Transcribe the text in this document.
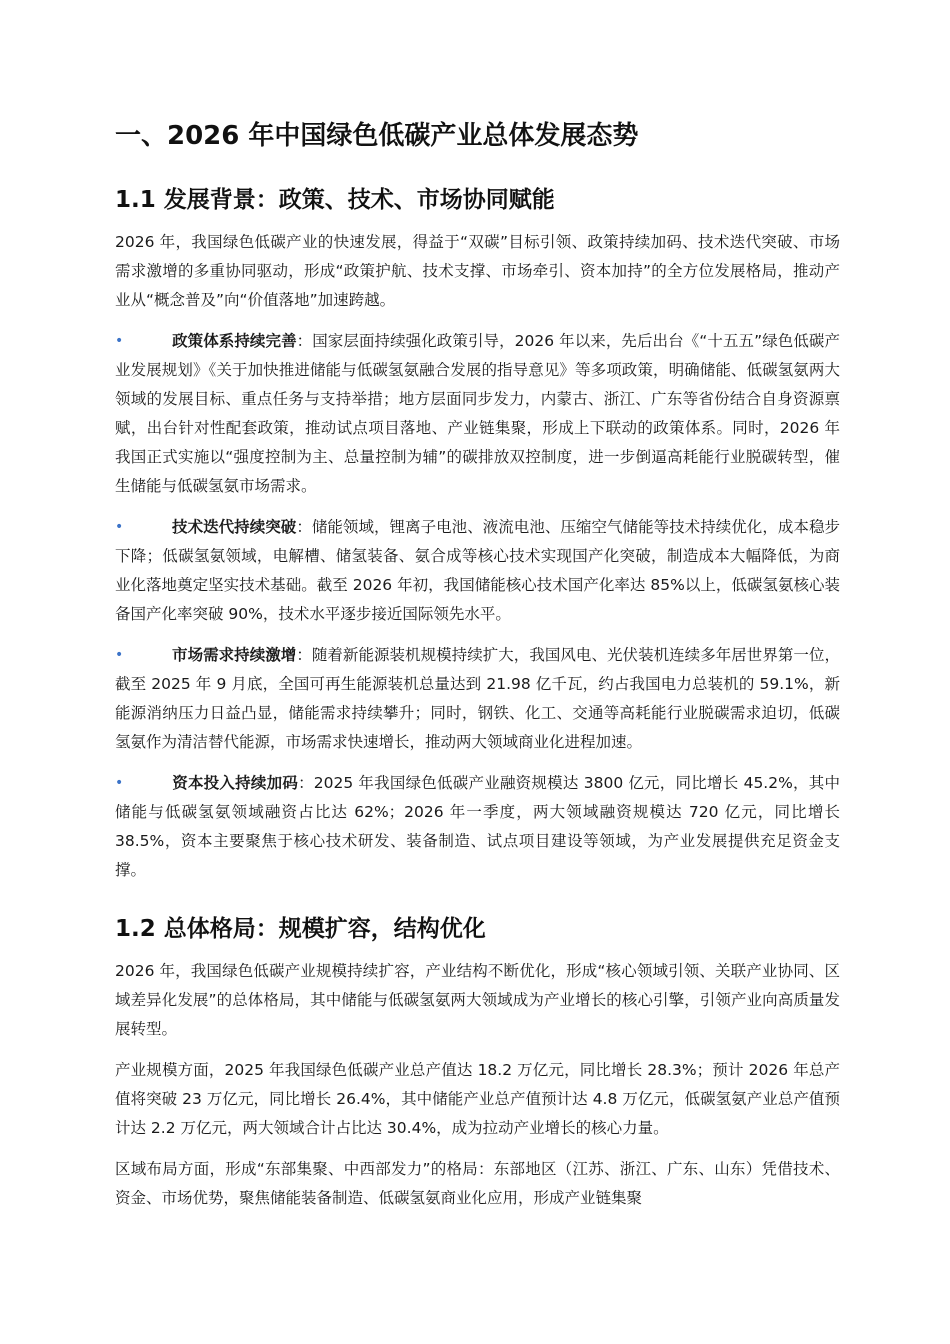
一、2026 年中国绿色低碳产业总体发展态势
1.1 发展背景：政策、技术、市场协同赋能

2026 年，我国绿色低碳产业的快速发展，得益于“双碳”目标引领、政策持续加码、技术迭代突破、市场需求激增的多重协同驱动，形成“政策护航、技术支撑、市场牵引、资本加持”的全方位发展格局，推动产业从“概念普及”向“价值落地”加速跨越。

•	政策体系持续完善：国家层面持续强化政策引导，2026 年以来，先后出台《“十五五”绿色低碳产业发展规划》《关于加快推进储能与低碳氢氨融合发展的指导意见》等多项政策，明确储能、低碳氢氨两大领域的发展目标、重点任务与支持举措；地方层面同步发力，内蒙古、浙江、广东等省份结合自身资源禀赋，出台针对性配套政策，推动试点项目落地、产业链集聚，形成上下联动的政策体系。同时，2026 年我国正式实施以“强度控制为主、总量控制为辅”的碳排放双控制度，进一步倒逼高耗能行业脱碳转型，催生储能与低碳氢氨市场需求。
•	技术迭代持续突破：储能领域，锂离子电池、液流电池、压缩空气储能等技术持续优化，成本稳步下降；低碳氢氨领域，电解槽、储氢装备、氨合成等核心技术实现国产化突破，制造成本大幅降低，为商业化落地奠定坚实技术基础。截至 2026 年初，我国储能核心技术国产化率达 85%以上，低碳氢氨核心装备国产化率突破 90%，技术水平逐步接近国际领先水平。
•	市场需求持续激增：随着新能源装机规模持续扩大，我国风电、光伏装机连续多年居世界第一位，截至 2025 年 9 月底，全国可再生能源装机总量达到 21.98 亿千瓦，约占我国电力总装机的 59.1%，新能源消纳压力日益凸显，储能需求持续攀升；同时，钢铁、化工、交通等高耗能行业脱碳需求迫切，低碳氢氨作为清洁替代能源，市场需求快速增长，推动两大领域商业化进程加速。
•	资本投入持续加码：2025 年我国绿色低碳产业融资规模达 3800 亿元，同比增长 45.2%，其中储能与低碳氢氨领域融资占比达 62%；2026 年一季度，两大领域融资规模达 720 亿元，同比增长 38.5%，资本主要聚焦于核心技术研发、装备制造、试点项目建设等领域，为产业发展提供充足资金支撑。
1.2 总体格局：规模扩容，结构优化

2026 年，我国绿色低碳产业规模持续扩容，产业结构不断优化，形成“核心领域引领、关联产业协同、区域差异化发展”的总体格局，其中储能与低碳氢氨两大领域成为产业增长的核心引擎，引领产业向高质量发展转型。

产业规模方面，2025 年我国绿色低碳产业总产值达 18.2 万亿元，同比增长 28.3%；预计 2026 年总产值将突破 23 万亿元，同比增长 26.4%，其中储能产业总产值预计达 4.8 万亿元，低碳氢氨产业总产值预计达 2.2 万亿元，两大领域合计占比达 30.4%，成为拉动产业增长的核心力量。

区域布局方面，形成“东部集聚、中西部发力”的格局：东部地区（江苏、浙江、广东、山东）凭借技术、资金、市场优势，聚焦储能装备制造、低碳氢氨商业化应用，形成产业链集聚
